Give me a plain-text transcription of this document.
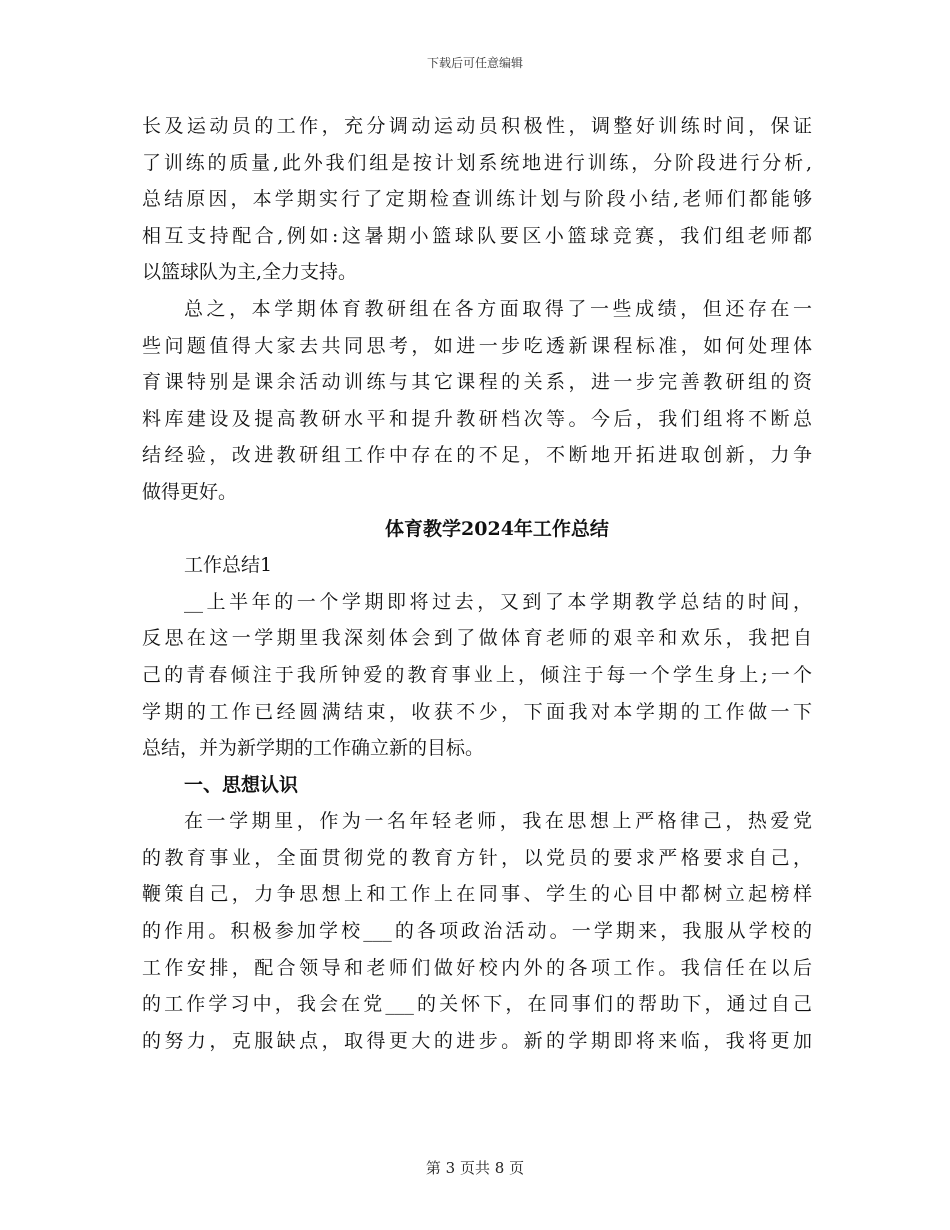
下载后可任意编辑
长及运动员的工作，充分调动运动员积极性，调整好训练时间，保证
了训练的质量,此外我们组是按计划系统地进行训练，分阶段进行分析,
总结原因，本学期实行了定期检查训练计划与阶段小结,老师们都能够
相互支持配合,例如:这暑期小篮球队要区小篮球竞赛，我们组老师都
以篮球队为主,全力支持。
总之，本学期体育教研组在各方面取得了一些成绩，但还存在一
些问题值得大家去共同思考，如进一步吃透新课程标准，如何处理体
育课特别是课余活动训练与其它课程的关系，进一步完善教研组的资
料库建设及提高教研水平和提升教研档次等。今后，我们组将不断总
结经验，改进教研组工作中存在的不足，不断地开拓进取创新，力争
做得更好。
体育教学2024年工作总结
工作总结1
__上半年的一个学期即将过去，又到了本学期教学总结的时间，
反思在这一学期里我深刻体会到了做体育老师的艰辛和欢乐，我把自
己的青春倾注于我所钟爱的教育事业上，倾注于每一个学生身上;一个
学期的工作已经圆满结束，收获不少，下面我对本学期的工作做一下
总结，并为新学期的工作确立新的目标。
一、思想认识
在一学期里，作为一名年轻老师，我在思想上严格律己，热爱党
的教育事业，全面贯彻党的教育方针，以党员的要求严格要求自己，
鞭策自己，力争思想上和工作上在同事、学生的心目中都树立起榜样
的作用。积极参加学校___的各项政治活动。一学期来，我服从学校的
工作安排，配合领导和老师们做好校内外的各项工作。我信任在以后
的工作学习中，我会在党___的关怀下，在同事们的帮助下，通过自己
的努力，克服缺点，取得更大的进步。新的学期即将来临，我将更加
第 3 页共 8 页
